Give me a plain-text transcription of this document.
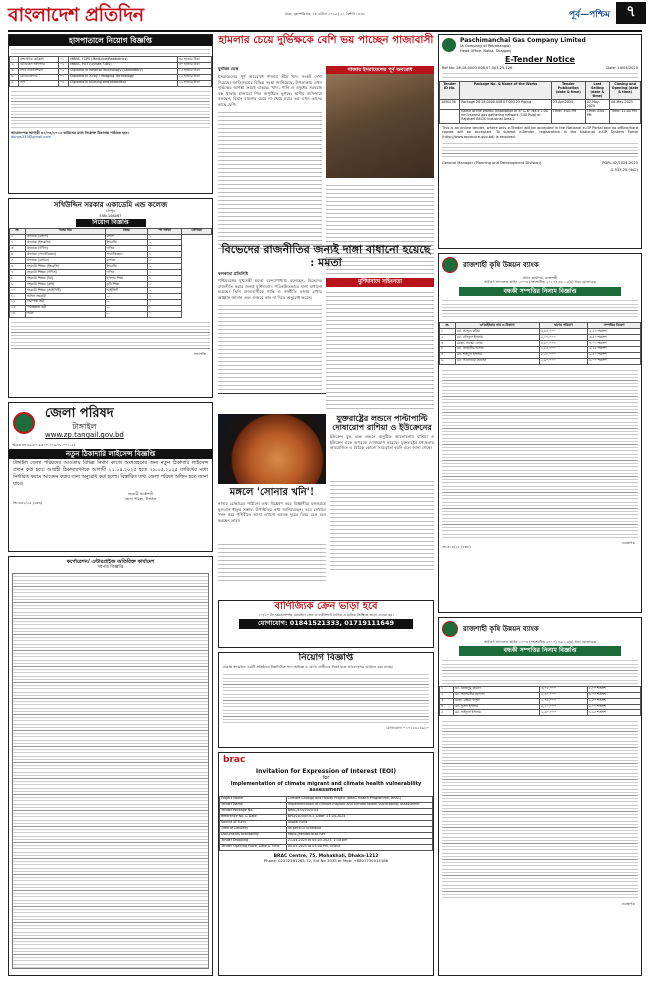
বাংলাদেশ প্রতিদিন	ঢাকা, বৃহস্পতিবার, ২৪ এপ্রিল ২০২৫ | ১১ বৈশাখ ১৪৩২	পূর্ব—পশ্চিম	৭
হাসপাতালে নিয়োগ বিজ্ঞপ্তি
১.	প্রশাসনিক কর্মকর্তা	০১	MBBS, FCPS (Medicine/Paediatrics)	৩৫ হাজার টাকা
২.	মেডিকেল অফিসার	০২	MBBS, PGT (Gynae, OBS)	৩০ হাজার টাকা
৩.	ল্যাব টেকনিশিয়ান	০২	Diploma in Medical Technology (Laboratory)	১৫ হাজার টাকা
৪.	রেডিওগ্রাফার	০১	Diploma in X-ray / Imaging Technology	১৫ হাজার টাকা
৫.	নার্স	০৪	Diploma in Nursing and Midwifery	১২ হাজার টাকা
আবেদনপত্র আগামী ৩০/০৪/২০২৫ তারিখের মধ্যে নিম্নোক্ত ঠিকানায় পাঠাতে হবে।
dkhqs333@gmail.com
সখিউদ্দিন সরকার একাডেমি এন্ড কলেজ
চাঁদপুর
EIIN-108067
নিয়োগ বিজ্ঞপ্তি
ক্র.	পদের নাম	বিষয়	পদ সংখ্যা	যোগ্যতা
১	প্রভাষক (বাংলা)	বাংলা	১	
২	প্রভাষক (ইংরেজি)	ইংরেজি	১	
৩	প্রভাষক (গণিত)	গণিত	১	
৪	প্রভাষক (পদার্থবিজ্ঞান)	পদার্থবিজ্ঞান	১	
৫	প্রভাষক (রসায়ন)	রসায়ন	১	
৬	সহকারী শিক্ষক (ইংরেজি)	ইংরেজি	১	
৭	সহকারী শিক্ষক (গণিত)	গণিত	১	
৮	সহকারী শিক্ষক (ধর্ম)	ইসলাম শিক্ষা	১	
৯	সহকারী শিক্ষক (কৃষি)	কৃষি শিক্ষা	১	
১০	সহকারী শিক্ষক (আইসিটি)	আইসিটি	১	
১১	অফিস সহকারী	—	১	
১২	নিরাপত্তা কর্মী	—	১	
১৩	পরিচ্ছন্নতা কর্মী	—	১	
১৪	আয়া	—	১	
সভাপতি
জেলা পরিষদ
টাঙ্গাইল
www.zp.tangail.gov.bd
স্মারক নং-৪৬.৪৭.৯৩০০.০০৬.০৮.০০১.২৫
নতুন ঠিকাদারি লাইসেন্স বিজ্ঞপ্তি
টাঙ্গাইল জেলা পরিষদের আওতায় বিভিন্ন নির্মাণ কাজে অংশগ্রহণের জন্য নতুন ঠিকাদারি লাইসেন্স প্রদান করা হবে। আগ্রহী ঠিকাদারগণকে আগামী ২১.০৪.২০২৫ হতে ২৯.০৫.২০২৫ তারিখের মধ্যে নির্ধারিত ফরমে আবেদন করার জন্য অনুরোধ করা হলো। বিস্তারিত তথ্য জেলা পরিষদ অফিস হতে জানা যাবে।
সহকারী প্রকৌশলী
জেলা পরিষদ, টাঙ্গাইল
জি-৩৩২/২৫ (২x৩)
কর্পোরেশন/ এন্টারপ্রাইজ অতিরিক্ত কার্যাদেশ
দরপত্র বিজ্ঞপ্তি
হামলার চেয়ে দুর্ভিক্ষকে বেশি ভয় পাচ্ছেন গাজাবাসী
গাজায় ইসরায়েলের পূর্ণ অবরোধ
যুগান্তর ডেস্ক
ইসরায়েলের পূর্ণ অবরোধে গাজায় তীব্র খাদ্য সংকট দেখা দিয়েছে। জাতিসংঘের বিভিন্ন সংস্থা জানিয়েছে, উপত্যকায় এখন দুর্ভিক্ষের আশঙ্কা ক্রমেই বাড়ছে। খাদ্য, পানি ও ওষুধের সরবরাহ বন্ধ থাকায় হাজারো শিশু অপুষ্টিতে ভুগছে। স্থানীয় বাসিন্দারা বলছেন, বিমান হামলার চেয়ে না খেয়ে মরার ভয় এখন তাদের কাছে বেশি।
বিভেদের রাজনীতির জন্যই দাঙ্গা বাধানো হয়েছে : মমতা
কলকাতা প্রতিনিধি
পশ্চিমবঙ্গের মুখ্যমন্ত্রী মমতা বন্দ্যোপাধ্যায় বলেছেন, বিভেদের রাজনীতি করার জন্যই মুর্শিদাবাদে পরিকল্পিতভাবে দাঙ্গা বাধানো হয়েছে। তিনি রাজ্যবাসীকে শান্তি ও সম্প্রীতি বজায় রাখার আহ্বান জানান এবং গুজবে কান না দিতে অনুরোধ করেন।
মুর্শিদাবাদে সহিংসতা
মঙ্গলে 'সোনার খনি'!
নাসার রোভারের পাঠানো তথ্য বিশ্লেষণ করে বিজ্ঞানীরা মঙ্গলগ্রহে মূল্যবান ধাতুর সম্ভাব্য উপস্থিতির কথা জানিয়েছেন। তবে সেখানে খনন করে পৃথিবীতে আনা এখনো অনেক দূরের বিষয় বলে মনে করছেন তারা।
যুক্তরাষ্ট্রের লন্ডনে পাল্টাপাল্টি দোষারোপ রাশিয়া ও ইউক্রেনের
ইউক্রেন যুদ্ধ বন্ধে লন্ডনে অনুষ্ঠিত আলোচনায় রাশিয়া ও ইউক্রেন একে অপরকে দোষারোপ করেছে। যুক্তরাষ্ট্রের মধ্যস্থতায় আয়োজিত এ বৈঠকে কোনো সমঝোতা হয়নি বলে জানা গেছে।
বাণিজ্যিক ক্রেন ভাড়া হবে
১০/২০ টন ক্ষমতাসম্পন্ন মোবাইল ক্রেন ও ফর্কলিফট দৈনিক ও মাসিক ভিত্তিতে ভাড়া দেওয়া হয়।
যোগাযোগ: 01841521333, 01719111649
নিয়োগ বিজ্ঞপ্তি
ঢাকাস্থ স্বনামধন্য একটি প্রতিষ্ঠানে নিম্নলিখিত পদে অভিজ্ঞ ও যোগ্য প্রার্থীদের নিকট হতে আবেদনপত্র আহ্বান করা যাচ্ছে।
যোগাযোগ: ০১৭১৫৬২৪৯৮০
brac
Invitation for Expression of Interest (EOI)
for
Implementation of climate migrant and climate health vulnerability assessment
Project Name	Climate Change and Health Project (BRAC Health Programme, BRAC)
Tender Name	Implementation of climate migrant and climate health vulnerability assessment
Tender Package No.	BRAC/EOI/2025-04
Reference No. & Date	BPD/2025/EOI-1, Date: 21-04-2025
Source of Fund	Global Fund
Time of Delivery	As per EOI Schedule
Documents Availability	https://tender.brac.net
Tender Dropping	21-04-2025 to 05-05-2025, 2:30 pm
Tender Opening Place, Date & Time	05-05-2025 at 03:00 PM, Online
BRAC Centre, 75, Mohakhali, Dhaka-1212
Phone: 02222281265-72, Ext No 3033 or Mob: +8801730014186
Paschimanchal Gas Company Limited
(A Company of Petrobangla)
Head Office, Nalka, Sirajganj
E-Tender Notice
Ref No: 28.18.0000.008.07.003.25-126	Date: 16/04/2025
Tender ID No.	Package No. & Name of the Works	Tender Publication (date & time)	Last Selling (date & time)	Closing and Opening (date & time)
1090136	Package 28.18.0000.008.07.003.25 Piping	23-Apr-2025	07-May-2025	08-May-2025
	Name of the Works: Installation of 8" & 6" dia x 2.00 km Interest gas gathering network (140 Psig) at Rajshahi BSCIC Industrial Area-2.	Time: 3:00 PM	Time: 4:00 PM	Time: 12:00 PM
This is an online tender, where only e-Tender will be accepted in the National e-GP Portal and no offline/hard copies will be accepted. To submit e-Tender, registration in the National e-GP System Portal (http://www.eprocure.gov.bd) is required.
General Manager (Planning and Development Division)	PGPL-42/2024-2025
G-533-25 (4x2)
রাজশাহী কৃষি উন্নয়ন ব্যাংক
প্রধান কার্যালয়, রাজশাহী
অর্থঋণ আদালত আইন ২০০৩ (সংশোধিত ২০১০) এর ১২(৩) ধারা মোতাবেক
বন্ধকী সম্পত্তির নিলাম বিজ্ঞপ্তি
ক্র.	ঋণগ্রহীতার নাম ও ঠিকানা	ঋণের পরিমাণ	সম্পত্তির বিবরণ
১	মো. আব্দুল করিম	৩,৪৫,০০০	৫.২০ শতাংশ
২	মো. রফিকুল ইসলাম	২,১০,০০০	৩.৫০ শতাংশ
৩	মোছা. সালমা বেগম	৪,৬০,০০০	৭.০০ শতাংশ
৪	মো. জাহাঙ্গীর আলম	১,৮৫,০০০	২.২৫ শতাংশ
৫	মো. শহিদুল ইসলাম	৫,২০,০০০	৯.৫০ শতাংশ
৬	মো. আনোয়ার হোসেন	২,৯০,০০০	৪.০০ শতাংশ
ব্যবস্থাপক
নং-৩১৪/২৫ (৪x৪)
রাজশাহী কৃষি উন্নয়ন ব্যাংক
অর্থঋণ আদালত আইন ২০০৩ (সংশোধিত ২০১০) এর ১২(৩) ধারা মোতাবেক
বন্ধকী সম্পত্তির নিলাম বিজ্ঞপ্তি
১	মো. মিজানুর রহমান	৩,০৫,০০০	৫.০০ শতাংশ
২	মো. আলমগীর হোসেন	২,৪০,০০০	৩.০০ শতাংশ
৩	মোছা. রহিমা খাতুন	১,৭৫,০০০	২.৫০ শতাংশ
৪	মো. নুরুল ইসলাম	৪,১০,০০০	৬.০০ শতাংশ
৫	মো. সাইফুল ইসলাম	২,৬০,০০০	৪.২৫ শতাংশ
ব্যবস্থাপক
